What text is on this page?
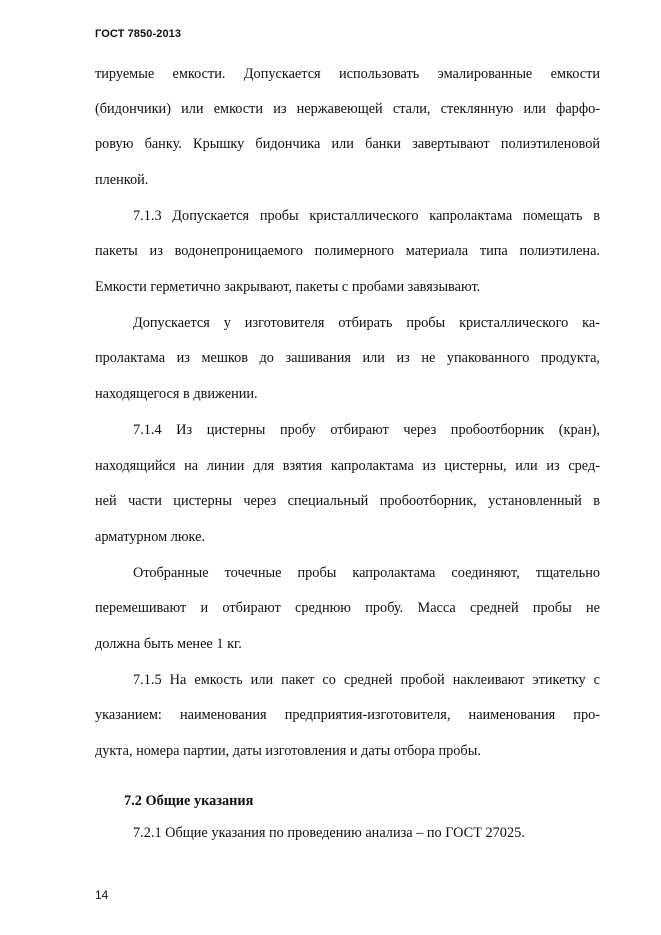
ГОСТ 7850-2013
тируемые емкости. Допускается использовать эмалированные емкости
(бидончики) или емкости из нержавеющей стали, стеклянную или фарфо-
ровую банку. Крышку бидончика или банки завертывают полиэтиленовой
пленкой.
7.1.3 Допускается пробы кристаллического капролактама помещать в
пакеты из водонепроницаемого полимерного материала типа полиэтилена.
Емкости герметично закрывают, пакеты с пробами завязывают.
Допускается у изготовителя отбирать пробы кристаллического ка-
пролактама из мешков до зашивания или из не упакованного продукта,
находящегося в движении.
7.1.4 Из цистерны пробу отбирают через пробоотборник (кран),
находящийся на линии для взятия капролактама из цистерны, или из сред-
ней части цистерны через специальный пробоотборник, установленный в
арматурном люке.
Отобранные точечные пробы капролактама соединяют, тщательно
перемешивают и отбирают среднюю пробу. Масса средней пробы не
должна быть менее 1 кг.
7.1.5 На емкость или пакет со средней пробой наклеивают этикетку с
указанием: наименования предприятия-изготовителя, наименования про-
дукта, номера партии, даты изготовления и даты отбора пробы.
7.2 Общие указания
7.2.1 Общие указания по проведению анализа – по ГОСТ 27025.
14
